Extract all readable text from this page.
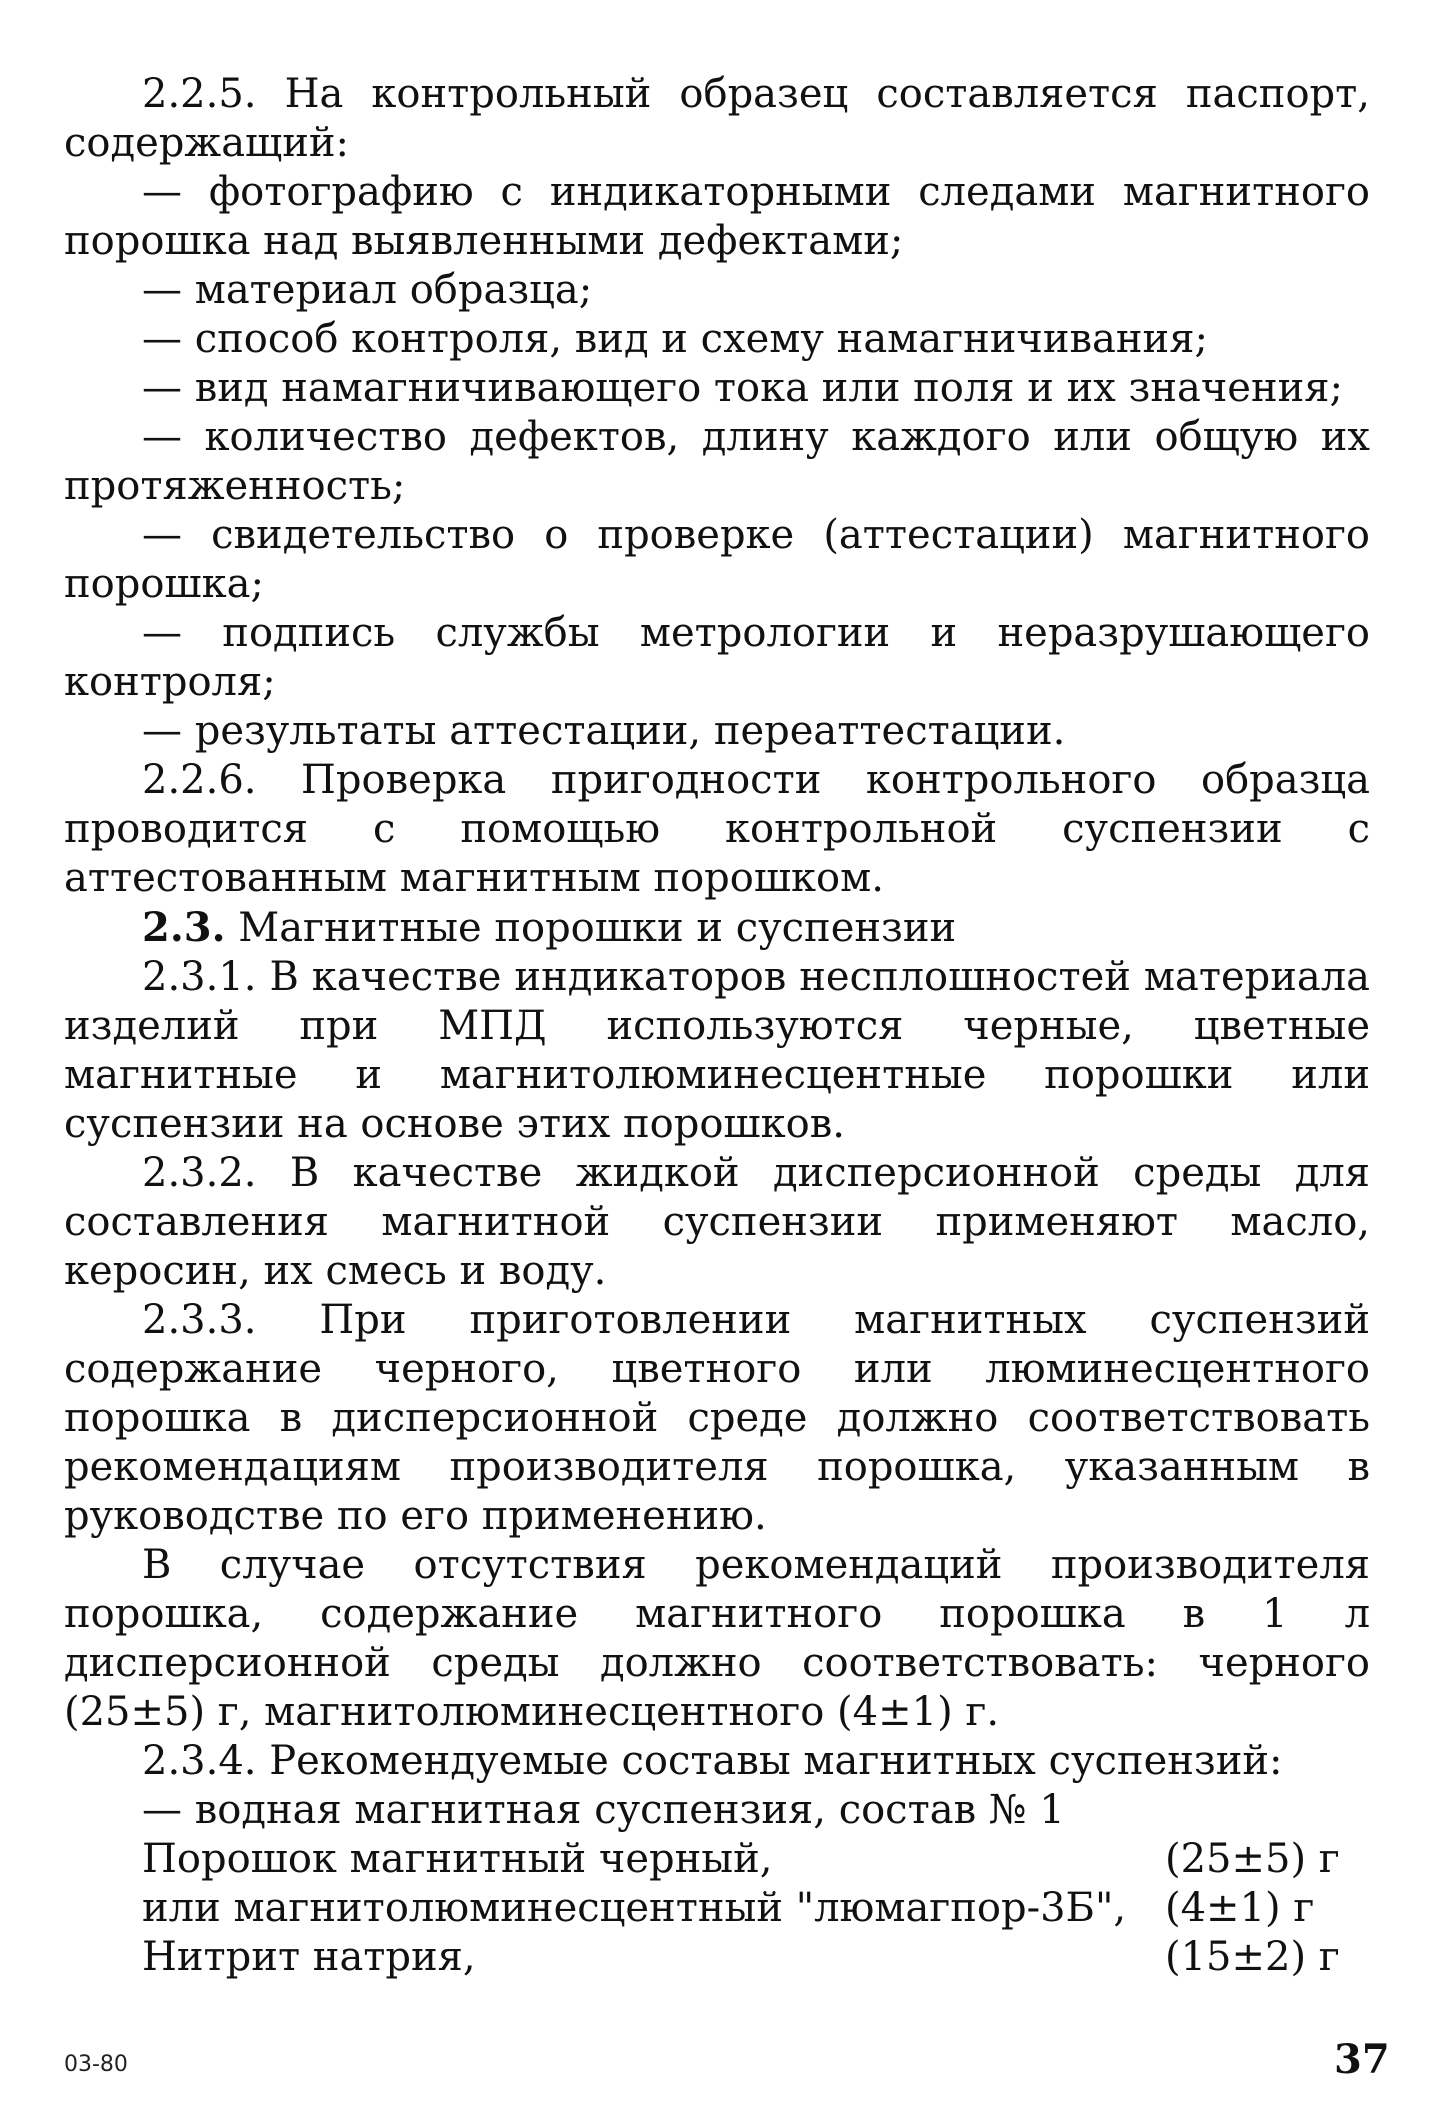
2.2.5. На контрольный образец составляется паспорт, содержащий:

— фотографию с индикаторными следами магнитного порошка над выявленными дефектами;

— материал образца;

— способ контроля, вид и схему намагничивания;

— вид намагничивающего тока или поля и их значения;

— количество дефектов, длину каждого или общую их протяженность;

— свидетельство о проверке (аттестации) магнитного порошка;

— подпись службы метрологии и неразрушающего контроля;

— результаты аттестации, переаттестации.

2.2.6. Проверка пригодности контрольного образца проводится с помощью контрольной суспензии с аттестованным магнитным порошком.

2.3. Магнитные порошки и суспензии

2.3.1. В качестве индикаторов несплошностей материала изделий при МПД используются черные, цветные магнитные и магнитолюминесцентные порошки или суспензии на основе этих порошков.

2.3.2. В качестве жидкой дисперсионной среды для составления магнитной суспензии применяют масло, керосин, их смесь и воду.

2.3.3. При приготовлении магнитных суспензий содержание черного, цветного или люминесцентного порошка в дисперсионной среде должно соответствовать рекомендациям производителя порошка, указанным в руководстве по его применению.

В случае отсутствия рекомендаций производителя порошка, содержание магнитного порошка в 1 л дисперсионной среды должно соответствовать: черного (25±5) г, магнитолюминесцентного (4±1) г.

2.3.4. Рекомендуемые составы магнитных суспензий:

— водная магнитная суспензия, состав № 1

Порошок магнитный черный,	(25±5) г
или магнитолюминесцентный "люмагпор-3Б", (4±1) г
Нитрит натрия,	(15±2) г
03-80	37
